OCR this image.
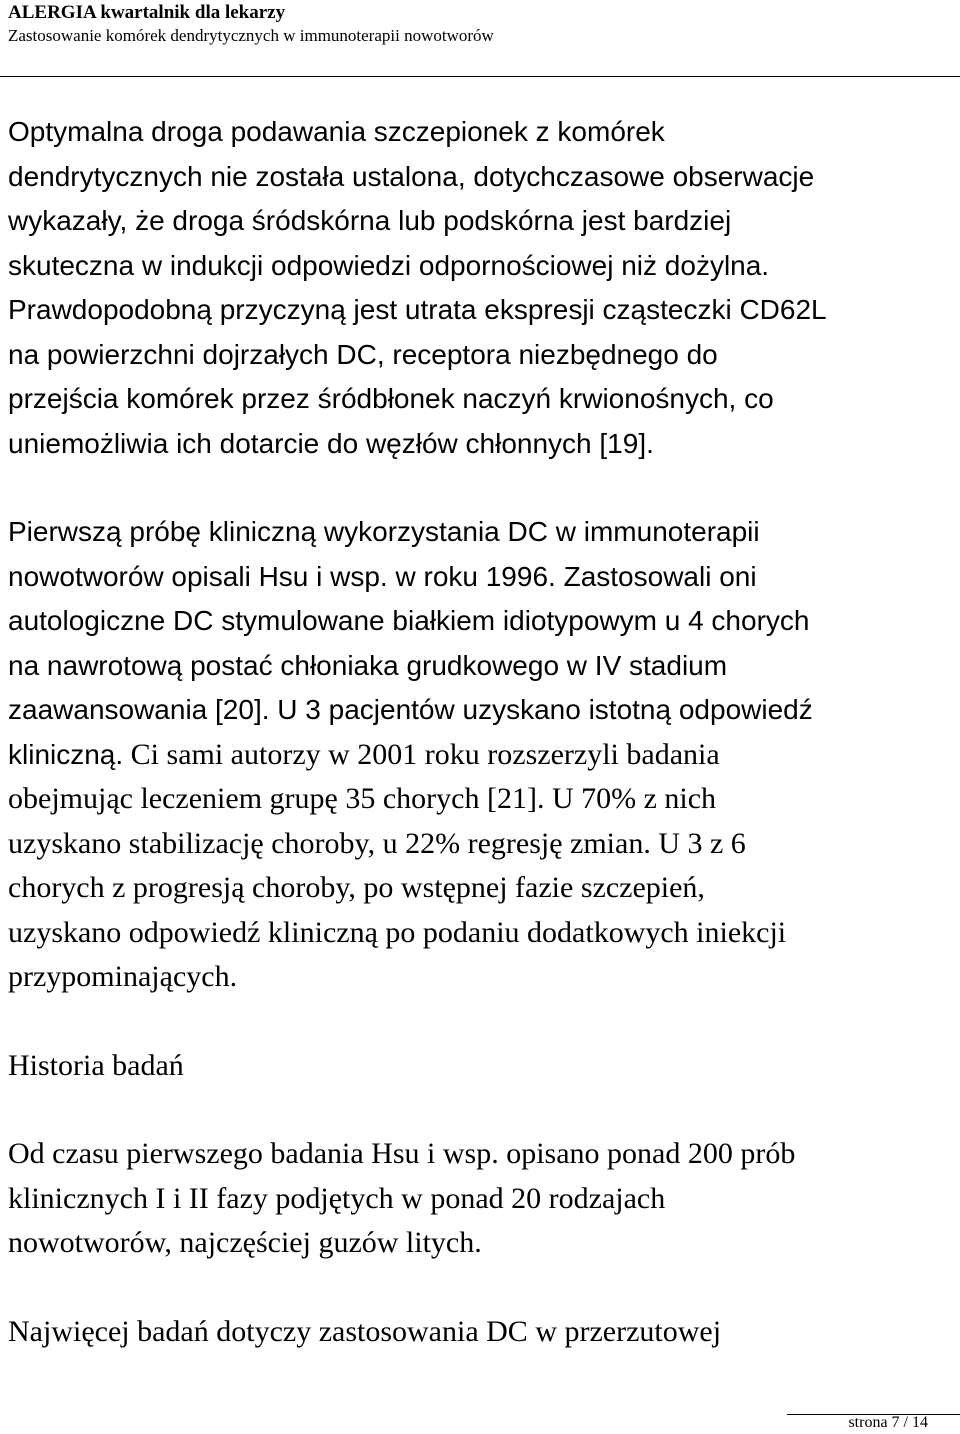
ALERGIA kwartalnik dla lekarzy
Zastosowanie komórek dendrytycznych w immunoterapii nowotworów

Optymalna droga podawania szczepionek z komórek
dendrytycznych nie została ustalona, dotychczasowe obserwacje
wykazały, że droga śródskórna lub podskórna jest bardziej
skuteczna w indukcji odpowiedzi odpornościowej niż dożylna.
Prawdopodobną przyczyną jest utrata ekspresji cząsteczki CD62L
na powierzchni dojrzałych DC, receptora niezbędnego do
przejścia komórek przez śródbłonek naczyń krwionośnych, co
uniemożliwia ich dotarcie do węzłów chłonnych [19].

Pierwszą próbę kliniczną wykorzystania DC w immunoterapii
nowotworów opisali Hsu i wsp. w roku 1996. Zastosowali oni
autologiczne DC stymulowane białkiem idiotypowym u 4 chorych
na nawrotową postać chłoniaka grudkowego w IV stadium
zaawansowania [20]. U 3 pacjentów uzyskano istotną odpowiedź
kliniczną. Ci sami autorzy w 2001 roku rozszerzyli badania
obejmując leczeniem grupę 35 chorych [21]. U 70% z nich
uzyskano stabilizację choroby, u 22% regresję zmian. U 3 z 6
chorych z progresją choroby, po wstępnej fazie szczepień,
uzyskano odpowiedź kliniczną po podaniu dodatkowych iniekcji
przypominających.

Historia badań

Od czasu pierwszego badania Hsu i wsp. opisano ponad 200 prób
klinicznych I i II fazy podjętych w ponad 20 rodzajach
nowotworów, najczęściej guzów litych.

Najwięcej badań dotyczy zastosowania DC w przerzutowej

strona 7 / 14
